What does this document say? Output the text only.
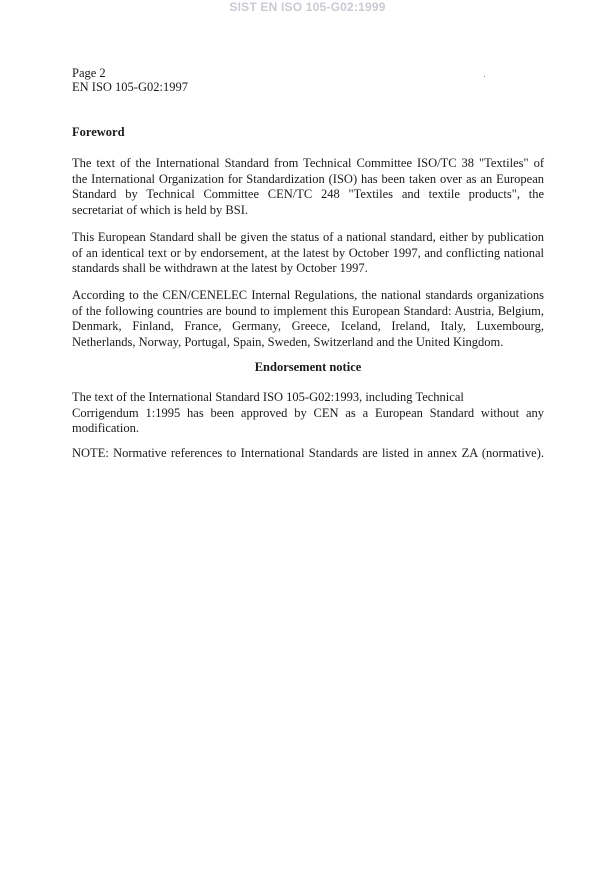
SIST EN ISO 105-G02:1999
Page 2
EN ISO 105-G02:1997
Foreword
The text of the International Standard from Technical Committee ISO/TC 38 "Textiles" of
the International Organization for Standardization (ISO) has been taken over as an European
Standard by Technical Committee CEN/TC 248 "Textiles and textile products", the
secretariat of which is held by BSI.
This European Standard shall be given the status of a national standard, either by publication
of an identical text or by endorsement, at the latest by October 1997, and conflicting national
standards shall be withdrawn at the latest by October 1997.
According to the CEN/CENELEC Internal Regulations, the national standards organizations
of the following countries are bound to implement this European Standard: Austria, Belgium,
Denmark, Finland, France, Germany, Greece, Iceland, Ireland, Italy, Luxembourg,
Netherlands, Norway, Portugal, Spain, Sweden, Switzerland and the United Kingdom.
Endorsement notice
The text of the International Standard ISO 105-G02:1993, including Technical
Corrigendum 1:1995 has been approved by CEN as a European Standard without any
modification.
NOTE: Normative references to International Standards are listed in annex ZA (normative).
